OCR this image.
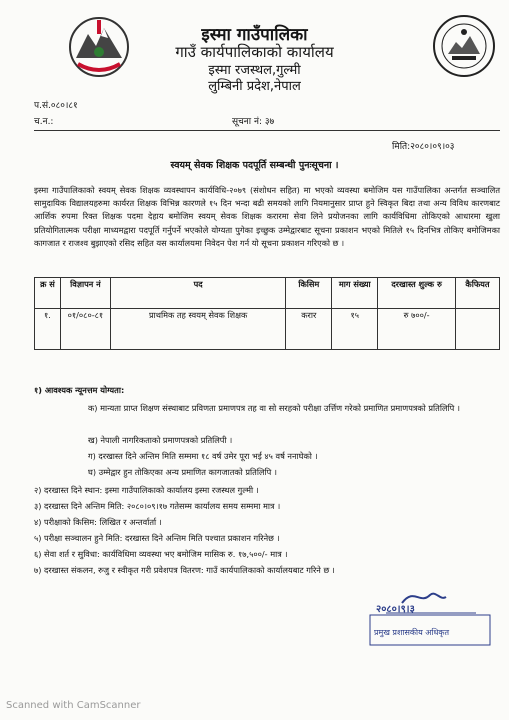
इस्मा गाउँपालिका
गाउँ कार्यपालिकाको कार्यालय
इस्मा रजस्थल,गुल्मी
लुम्बिनी प्रदेश,नेपाल
प.सं.०८०।८१
च.न.:	सूचना नं: ३७
मिति:२०८०।०९।०३
स्वयम् सेवक शिक्षक पदपूर्ति सम्बन्धी पुनःसूचना ।
इस्मा गाउँपालिकाको स्वयम् सेवक शिक्षक व्यवस्थापन कार्यविधि-२०७९ (संशोधन सहित) मा भएको व्यवस्था बमोजिम यस गाउँपालिका अन्तर्गत सञ्चालित सामुदायिक विद्यालयहरुमा कार्यरत शिक्षक विभिन्न कारणले १५ दिन भन्दा बढी समयको लागि नियमानुसार प्राप्त हुने स्विकृत बिदा तथा अन्य विविध कारणबाट आर्शिक रुपमा रिक्त शिक्षक पदमा देहाय बमोजिम स्वयम् सेवक शिक्षक करारमा सेवा लिने प्रयोजनका लागि कार्यविधिमा तोकिएको आधारमा खुला प्रतियोगितात्मक परीक्षा माध्यमद्वारा पदपूर्ति गर्नुपर्ने भएकोले योग्यता पुगेका इच्छुक उम्मेद्वारबाट सूचना प्रकाशन भएको मितिले १५ दिनभित्र तोकिए बमोजिमका कागजात र राजश्व बुझाएको रसिद सहित यस कार्यालयमा निवेदन पेश गर्न यो सूचना प्रकाशन गरिएको छ ।
क्र सं	विज्ञापन नं	पद	किसिम	माग संख्या	दरखास्त शुल्क रु	कैफियत
१.	०१/०८०-८१	प्राथमिक तह स्वयम् सेवक शिक्षक	करार	१५	रु ७००/-	
१) आवश्यक न्यूनत्तम योग्यता:
क) मान्यता प्राप्त शिक्षण संस्थाबाट प्रविणता प्रमाणपत्र तह वा सो सरहको परीक्षा उर्त्तिण गरेको प्रमाणित प्रमाणपत्रको प्रतिलिपि ।
ख) नेपाली नागरिकताको प्रमाणपत्रको प्रतिलिपी ।
ग) दरखास्त दिने अन्तिम मिति सम्ममा १८ वर्ष उमेर पूरा भई ४५ वर्ष ननाघेको ।
घ) उम्मेद्वार हुन तोकिएका अन्य प्रमाणित कागजातको प्रतिलिपि ।
२) दरखास्त दिने स्थान: इस्मा गाउँपालिकाको कार्यालय इस्मा रजस्थल गुल्मी ।
३) दरखास्त दिने अन्तिम मिति: २०८०।०९।१७ गतेसम्म कार्यालय समय सम्ममा मात्र ।
४) परीक्षाको किसिम: लिखित र अन्तर्वार्ता ।
५) परीक्षा सञ्चालन हुने मिति: दरखास्त दिने अन्तिम मिति पश्चात प्रकाशन गरिनेछ ।
६) सेवा शर्त र सुविधा: कार्यविधिमा व्यवस्था भए बमोजिम मासिक रु. १७,५००/- मात्र ।
७) दरखास्त संकलन, रुजु र स्वीकृत गरी प्रवेशपत्र वितरण: गाउँ कार्यपालिकाको कार्यालयबाट गरिने छ ।
२०८०।९।३
प्रमुख प्रशासकीय अधिकृत
Scanned with CamScanner
